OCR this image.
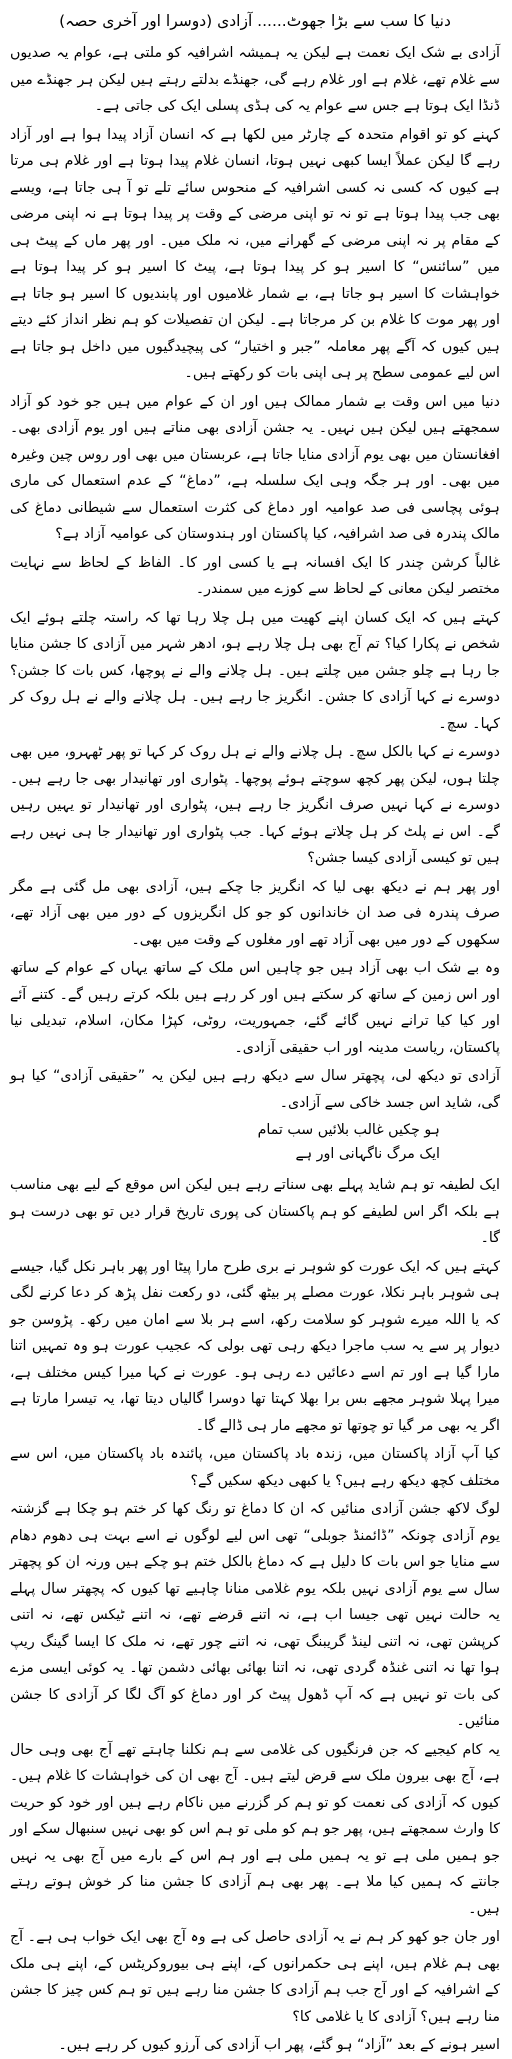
دنیا کا سب سے بڑا جھوٹ...... آزادی (دوسرا اور آخری حصہ)

آزادی بے شک ایک نعمت ہے لیکن یہ ہمیشہ اشرافیہ کو ملتی ہے، عوام یہ صدیوں سے غلام تھے، غلام ہے اور غلام رہے گی، جھنڈے بدلتے رہتے ہیں لیکن ہر جھنڈے میں ڈنڈا ایک ہوتا ہے جس سے عوام یہ کی ہڈی پسلی ایک کی جاتی ہے۔

کہنے کو تو اقوام متحدہ کے چارٹر میں لکھا ہے کہ انسان آزاد پیدا ہوا ہے اور آزاد رہے گا لیکن عملاً ایسا کبھی نہیں ہوتا، انسان غلام پیدا ہوتا ہے اور غلام ہی مرتا ہے کیوں کہ کسی نہ کسی اشرافیہ کے منحوس سائے تلے تو آ ہی جاتا ہے، ویسے بھی جب پیدا ہوتا ہے تو نہ تو اپنی مرضی کے وقت پر پیدا ہوتا ہے نہ اپنی مرضی کے مقام پر نہ اپنی مرضی کے گھرانے میں، نہ ملک میں۔ اور پھر ماں کے پیٹ ہی میں ”سائنس“ کا اسیر ہو کر پیدا ہوتا ہے، پیٹ کا اسیر ہو کر پیدا ہوتا ہے خواہشات کا اسیر ہو جاتا ہے، بے شمار غلامیوں اور پابندیوں کا اسیر ہو جاتا ہے اور پھر موت کا غلام بن کر مرجاتا ہے۔ لیکن ان تفصیلات کو ہم نظر انداز کئے دیتے ہیں کیوں کہ آگے پھر معاملہ ”جبر و اختیار“ کی پیچیدگیوں میں داخل ہو جاتا ہے اس لیے عمومی سطح پر ہی اپنی بات کو رکھتے ہیں۔

دنیا میں اس وقت بے شمار ممالک ہیں اور ان کے عوام میں ہیں جو خود کو آزاد سمجھتے ہیں لیکن ہیں نہیں۔ یہ جشن آزادی بھی مناتے ہیں اور یوم آزادی بھی۔ افغانستان میں بھی یوم آزادی منایا جاتا ہے، عربستان میں بھی اور روس چین وغیرہ میں بھی۔ اور ہر جگہ وہی ایک سلسلہ ہے، ”دماغ“ کے عدم استعمال کی ماری ہوئی پچاسی فی صد عوامیہ اور دماغ کی کثرت استعمال سے شیطانی دماغ کی مالک پندرہ فی صد اشرافیہ، کیا پاکستان اور ہندوستان کی عوامیہ آزاد ہے؟

غالباً کرشن چندر کا ایک افسانہ ہے یا کسی اور کا۔ الفاظ کے لحاظ سے نہایت مختصر لیکن معانی کے لحاظ سے کوزے میں سمندر۔

کہتے ہیں کہ ایک کسان اپنے کھیت میں ہل چلا رہا تھا کہ راستہ چلتے ہوئے ایک شخص نے پکارا کیا؟ تم آج بھی ہل چلا رہے ہو، ادھر شہر میں آزادی کا جشن منایا جا رہا ہے چلو جشن میں چلتے ہیں۔ ہل چلانے والے نے پوچھا، کس بات کا جشن؟ دوسرے نے کہا آزادی کا جشن۔ انگریز جا رہے ہیں۔ ہل چلانے والے نے ہل روک کر کہا۔ سچ۔

دوسرے نے کہا بالکل سچ۔ ہل چلانے والے نے ہل روک کر کہا تو پھر ٹھہرو، میں بھی چلتا ہوں، لیکن پھر کچھ سوچتے ہوئے پوچھا۔ پٹواری اور تھانیدار بھی جا رہے ہیں۔ دوسرے نے کہا نہیں صرف انگریز جا رہے ہیں، پٹواری اور تھانیدار تو یہیں رہیں گے۔ اس نے پلٹ کر ہل چلاتے ہوئے کہا۔ جب پٹواری اور تھانیدار جا ہی نہیں رہے ہیں تو کیسی آزادی کیسا جشن؟

اور پھر ہم نے دیکھ بھی لیا کہ انگریز جا چکے ہیں، آزادی بھی مل گئی ہے مگر صرف پندرہ فی صد ان خاندانوں کو جو کل انگریزوں کے دور میں بھی آزاد تھے، سکھوں کے دور میں بھی آزاد تھے اور مغلوں کے وقت میں بھی۔

وہ بے شک اب بھی آزاد ہیں جو چاہیں اس ملک کے ساتھ یہاں کے عوام کے ساتھ اور اس زمین کے ساتھ کر سکتے ہیں اور کر رہے ہیں بلکہ کرتے رہیں گے۔ کتنے آئے اور کیا کیا ترانے نہیں گائے گئے، جمہوریت، روٹی، کپڑا مکان، اسلام، تبدیلی نیا پاکستان، ریاست مدینہ اور اب حقیقی آزادی۔

آزادی تو دیکھ لی، پچھتر سال سے دیکھ رہے ہیں لیکن یہ ”حقیقی آزادی“ کیا ہو گی، شاید اس جسد خاکی سے آزادی۔

ہو چکیں غالب بلائیں سب تمام

ایک مرگ ناگہانی اور ہے

ایک لطیفہ تو ہم شاید پہلے بھی سناتے رہے ہیں لیکن اس موقع کے لیے بھی مناسب ہے بلکہ اگر اس لطیفے کو ہم پاکستان کی پوری تاریخ قرار دیں تو بھی درست ہو گا۔

کہتے ہیں کہ ایک عورت کو شوہر نے بری طرح مارا پیٹا اور پھر باہر نکل گیا، جیسے ہی شوہر باہر نکلا، عورت مصلے پر بیٹھ گئی، دو رکعت نفل پڑھ کر دعا کرنے لگی کہ یا اللہ میرے شوہر کو سلامت رکھ، اسے ہر بلا سے امان میں رکھ۔ پڑوسن جو دیوار پر سے یہ سب ماجرا دیکھ رہی تھی بولی کہ عجیب عورت ہو وہ تمہیں اتنا مارا گیا ہے اور تم اسے دعائیں دے رہی ہو۔ عورت نے کہا میرا کیس مختلف ہے، میرا پہلا شوہر مجھے بس برا بھلا کہتا تھا دوسرا گالیاں دیتا تھا، یہ تیسرا مارتا ہے اگر یہ بھی مر گیا تو چوتھا تو مجھے مار ہی ڈالے گا۔

کیا آپ آزاد پاکستان میں، زندہ باد پاکستان میں، پائندہ باد پاکستان میں، اس سے مختلف کچھ دیکھ رہے ہیں؟ یا کبھی دیکھ سکیں گے؟

لوگ لاکھ جشن آزادی منائیں کہ ان کا دماغ تو رنگ کھا کر ختم ہو چکا ہے گزشتہ یوم آزادی چونکہ ”ڈائمنڈ جوبلی“ تھی اس لیے لوگوں نے اسے بہت ہی دھوم دھام سے منایا جو اس بات کا دلیل ہے کہ دماغ بالکل ختم ہو چکے ہیں ورنہ ان کو پچھتر سال سے یوم آزادی نہیں بلکہ یوم غلامی منانا چاہیے تھا کیوں کہ پچھتر سال پہلے یہ حالت نہیں تھی جیسا اب ہے، نہ اتنے قرضے تھے، نہ اتنے ٹیکس تھے، نہ اتنی کرپشن تھی، نہ اتنی لینڈ گریبنگ تھی، نہ اتنے چور تھے، نہ ملک کا ایسا گینگ ریپ ہوا تھا نہ اتنی غنڈہ گردی تھی، نہ اتنا بھائی بھائی دشمن تھا۔ یہ کوئی ایسی مزے کی بات تو نہیں ہے کہ آپ ڈھول پیٹ کر اور دماغ کو آگ لگا کر آزادی کا جشن منائیں۔

یہ کام کیجیے کہ جن فرنگیوں کی غلامی سے ہم نکلنا چاہتے تھے آج بھی وہی حال ہے، آج بھی بیرون ملک سے قرض لیتے ہیں۔ آج بھی ان کی خواہشات کا غلام ہیں۔ کیوں کہ آزادی کی نعمت کو تو ہم کر گزرنے میں ناکام رہے ہیں اور خود کو حریت کا وارث سمجھتے ہیں، پھر جو ہم کو ملی تو ہم اس کو بھی نہیں سنبھال سکے اور جو ہمیں ملی ہے تو یہ ہمیں ملی ہے اور ہم اس کے بارے میں آج بھی یہ نہیں جانتے کہ ہمیں کیا ملا ہے۔ پھر بھی ہم آزادی کا جشن منا کر خوش ہوتے رہتے ہیں۔

اور جان جو کھو کر ہم نے یہ آزادی حاصل کی ہے وہ آج بھی ایک خواب ہی ہے۔ آج بھی ہم غلام ہیں، اپنے ہی حکمرانوں کے، اپنے ہی بیوروکریٹس کے، اپنے ہی ملک کے اشرافیہ کے اور آج جب ہم آزادی کا جشن منا رہے ہیں تو ہم کس چیز کا جشن منا رہے ہیں؟ آزادی کا یا غلامی کا؟

اسیر ہونے کے بعد ”آزاد“ ہو گئے، پھر اب آزادی کی آرزو کیوں کر رہے ہیں۔
